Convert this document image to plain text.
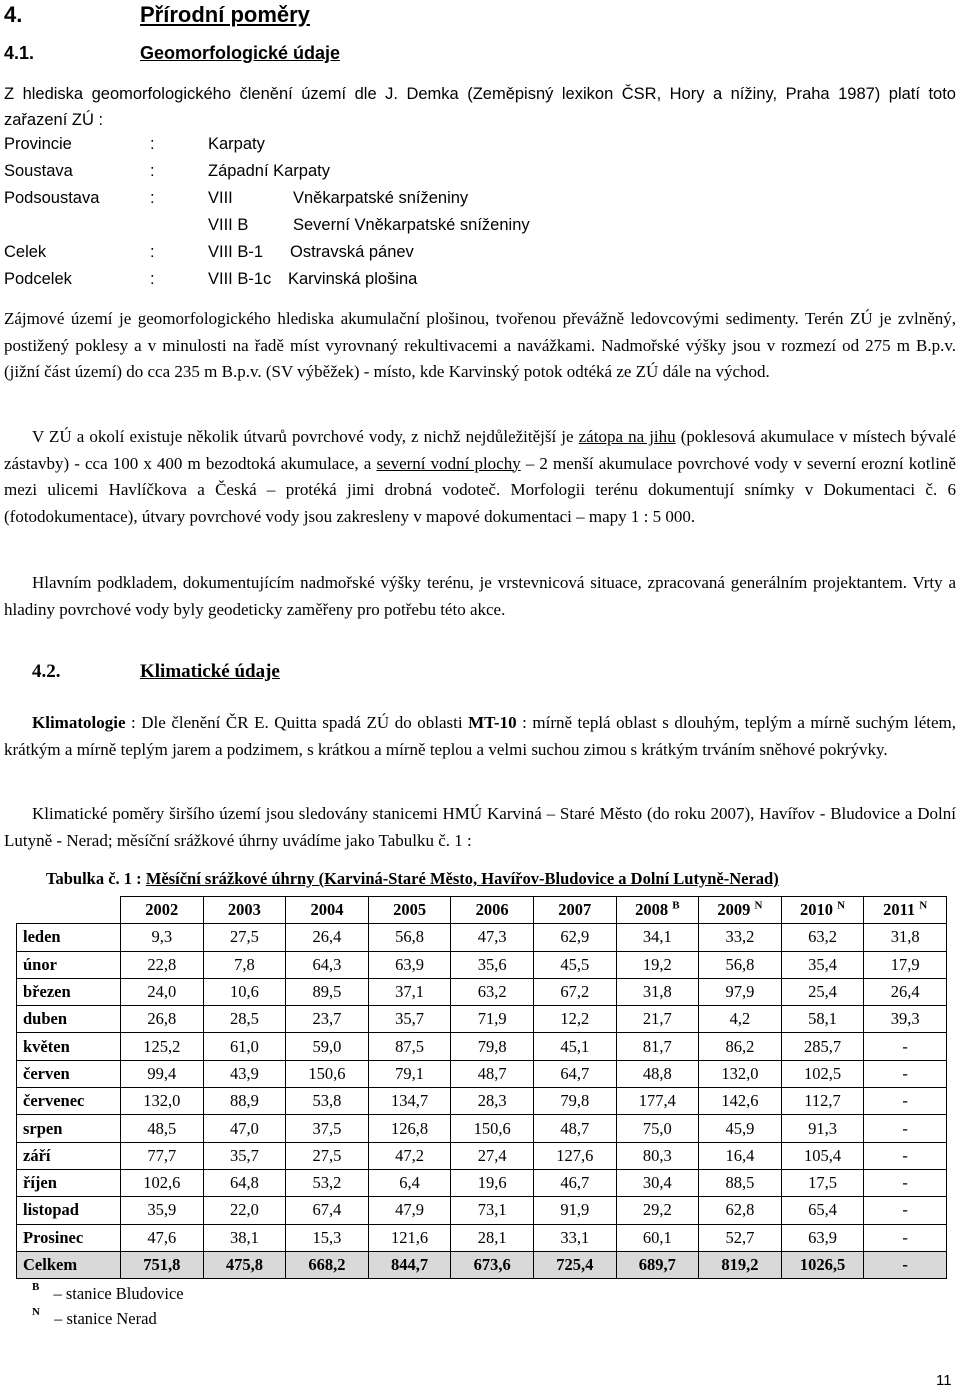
4.	Přírodní poměry
4.1.	Geomorfologické údaje
Z hlediska geomorfologického členění území dle J. Demka (Zeměpisný lexikon ČSR, Hory a nížiny, Praha 1987) platí toto zařazení ZÚ :
Provincie	:	Karpaty
Soustava	:	Západní Karpaty
Podsoustava	:	VIII	Vněkarpatské sníženiny
VIII B	Severní Vněkarpatské sníženiny
Celek	:	VIII B-1 Ostravská pánev
Podcelek	:	VIII B-1c Karvinská plošina
Zájmové území je geomorfologického hlediska akumulační plošinou, tvořenou převážně ledovcovými sedimenty. Terén ZÚ je zvlněný, postižený poklesy a v minulosti na řadě míst vyrovnaný rekultivacemi a navážkami. Nadmořské výšky jsou v rozmezí od 275 m B.p.v. (jižní část území) do cca 235 m B.p.v. (SV výběžek) - místo, kde Karvinský potok odtéká ze ZÚ dále na východ.
V ZÚ a okolí existuje několik útvarů povrchové vody, z nichž nejdůležitější je zátopa na jihu (poklesová akumulace v místech bývalé zástavby) - cca 100 x 400 m bezodtoká akumulace, a severní vodní plochy – 2 menší akumulace povrchové vody v severní erozní kotlině mezi ulicemi Havlíčkova a Česká – protéká jimi drobná vodoteč. Morfologii terénu dokumentují snímky v Dokumentaci č. 6 (fotodokumentace), útvary povrchové vody jsou zakresleny v mapové dokumentaci – mapy 1 : 5 000.
Hlavním podkladem, dokumentujícím nadmořské výšky terénu, je vrstevnicová situace, zpracovaná generálním projektantem. Vrty a hladiny povrchové vody byly geodeticky zaměřeny pro potřebu této akce.
4.2.	Klimatické údaje
Klimatologie : Dle členění ČR E. Quitta spadá ZÚ do oblasti MT-10 : mírně teplá oblast s dlouhým, teplým a mírně suchým létem, krátkým a mírně teplým jarem a podzimem, s krátkou a mírně teplou a velmi suchou zimou s krátkým trváním sněhové pokrývky.
Klimatické poměry širšího území jsou sledovány stanicemi HMÚ Karviná – Staré Město (do roku 2007), Havířov - Bludovice a Dolní Lutyně - Nerad; měsíční srážkové úhrny uvádíme jako Tabulku č. 1 :
Tabulka č. 1 : Měsíční srážkové úhrny (Karviná-Staré Město, Havířov-Bludovice a Dolní Lutyně-Nerad)
	2002	2003	2004	2005	2006	2007	2008 $^B$	2009 $^N$	2010 $^N$	2011 $^N$
leden	9,3	27,5	26,4	56,8	47,3	62,9	34,1	33,2	63,2	31,8
únor	22,8	7,8	64,3	63,9	35,6	45,5	19,2	56,8	35,4	17,9
březen	24,0	10,6	89,5	37,1	63,2	67,2	31,8	97,9	25,4	26,4
duben	26,8	28,5	23,7	35,7	71,9	12,2	21,7	4,2	58,1	39,3
květen	125,2	61,0	59,0	87,5	79,8	45,1	81,7	86,2	285,7	-
červen	99,4	43,9	150,6	79,1	48,7	64,7	48,8	132,0	102,5	-
červenec	132,0	88,9	53,8	134,7	28,3	79,8	177,4	142,6	112,7	-
srpen	48,5	47,0	37,5	126,8	150,6	48,7	75,0	45,9	91,3	-
září	77,7	35,7	27,5	47,2	27,4	127,6	80,3	16,4	105,4	-
říjen	102,6	64,8	53,2	6,4	19,6	46,7	30,4	88,5	17,5	-
listopad	35,9	22,0	67,4	47,9	73,1	91,9	29,2	62,8	65,4	-
Prosinec	47,6	38,1	15,3	121,6	28,1	33,1	60,1	52,7	63,9	-
Celkem	751,8	475,8	668,2	844,7	673,6	725,4	689,7	819,2	1026,5	-
$^B$ – stanice Bludovice
$^N$ – stanice Nerad
11
